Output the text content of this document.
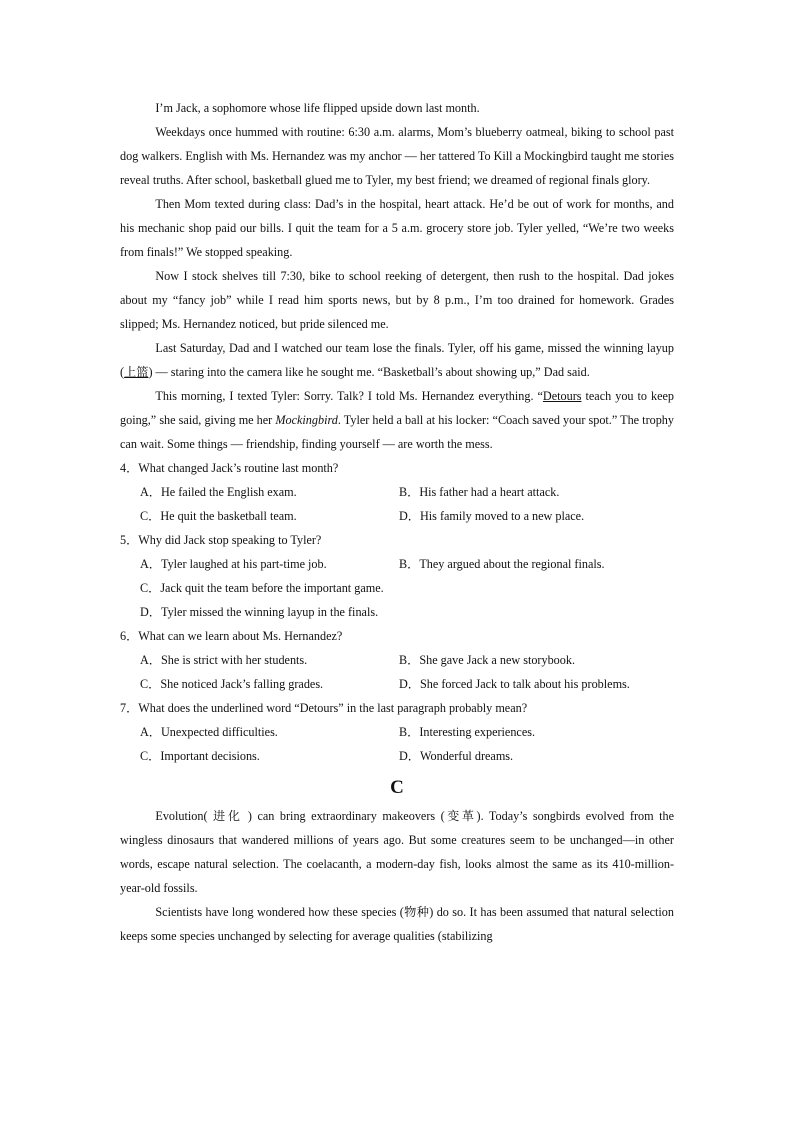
I’m Jack, a sophomore whose life flipped upside down last month.

Weekdays once hummed with routine: 6:30 a.m. alarms, Mom’s blueberry oatmeal, biking to school past dog walkers. English with Ms. Hernandez was my anchor — her tattered To Kill a Mockingbird taught me stories reveal truths. After school, basketball glued me to Tyler, my best friend; we dreamed of regional finals glory.

Then Mom texted during class: Dad’s in the hospital, heart attack. He’d be out of work for months, and his mechanic shop paid our bills. I quit the team for a 5 a.m. grocery store job. Tyler yelled, “We’re two weeks from finals!” We stopped speaking.

Now I stock shelves till 7:30, bike to school reeking of detergent, then rush to the hospital. Dad jokes about my “fancy job” while I read him sports news, but by 8 p.m., I’m too drained for homework. Grades slipped; Ms. Hernandez noticed, but pride silenced me.

Last Saturday, Dad and I watched our team lose the finals. Tyler, off his game, missed the winning layup (上篮) — staring into the camera like he sought me. “Basketball’s about showing up,” Dad said.

This morning, I texted Tyler: Sorry. Talk? I told Ms. Hernandez everything. “Detours teach you to keep going,” she said, giving me her Mockingbird. Tyler held a ball at his locker: “Coach saved your spot.” The trophy can wait. Some things — friendship, finding yourself — are worth the mess.

4．What changed Jack’s routine last month?

A．He failed the English exam.	B．His father had a heart attack.
C．He quit the basketball team.	D．His family moved to a new place.

5．Why did Jack stop speaking to Tyler?

A．Tyler laughed at his part-time job.	B．They argued about the regional finals.
C．Jack quit the team before the important game.
D．Tyler missed the winning layup in the finals.

6．What can we learn about Ms. Hernandez?

A．She is strict with her students.	B．She gave Jack a new storybook.
C．She noticed Jack’s falling grades.	D．She forced Jack to talk about his problems.

7．What does the underlined word “Detours” in the last paragraph probably mean?

A．Unexpected difficulties.	B．Interesting experiences.
C．Important decisions.	D．Wonderful dreams.
C

Evolution( 进化 ) can bring extraordinary makeovers (变革). Today’s songbirds evolved from the wingless dinosaurs that wandered millions of years ago. But some creatures seem to be unchanged—in other words, escape natural selection. The coelacanth, a modern-day fish, looks almost the same as its 410-million-year-old fossils.

Scientists have long wondered how these species (物种) do so. It has been assumed that natural selection keeps some species unchanged by selecting for average qualities (stabilizing
